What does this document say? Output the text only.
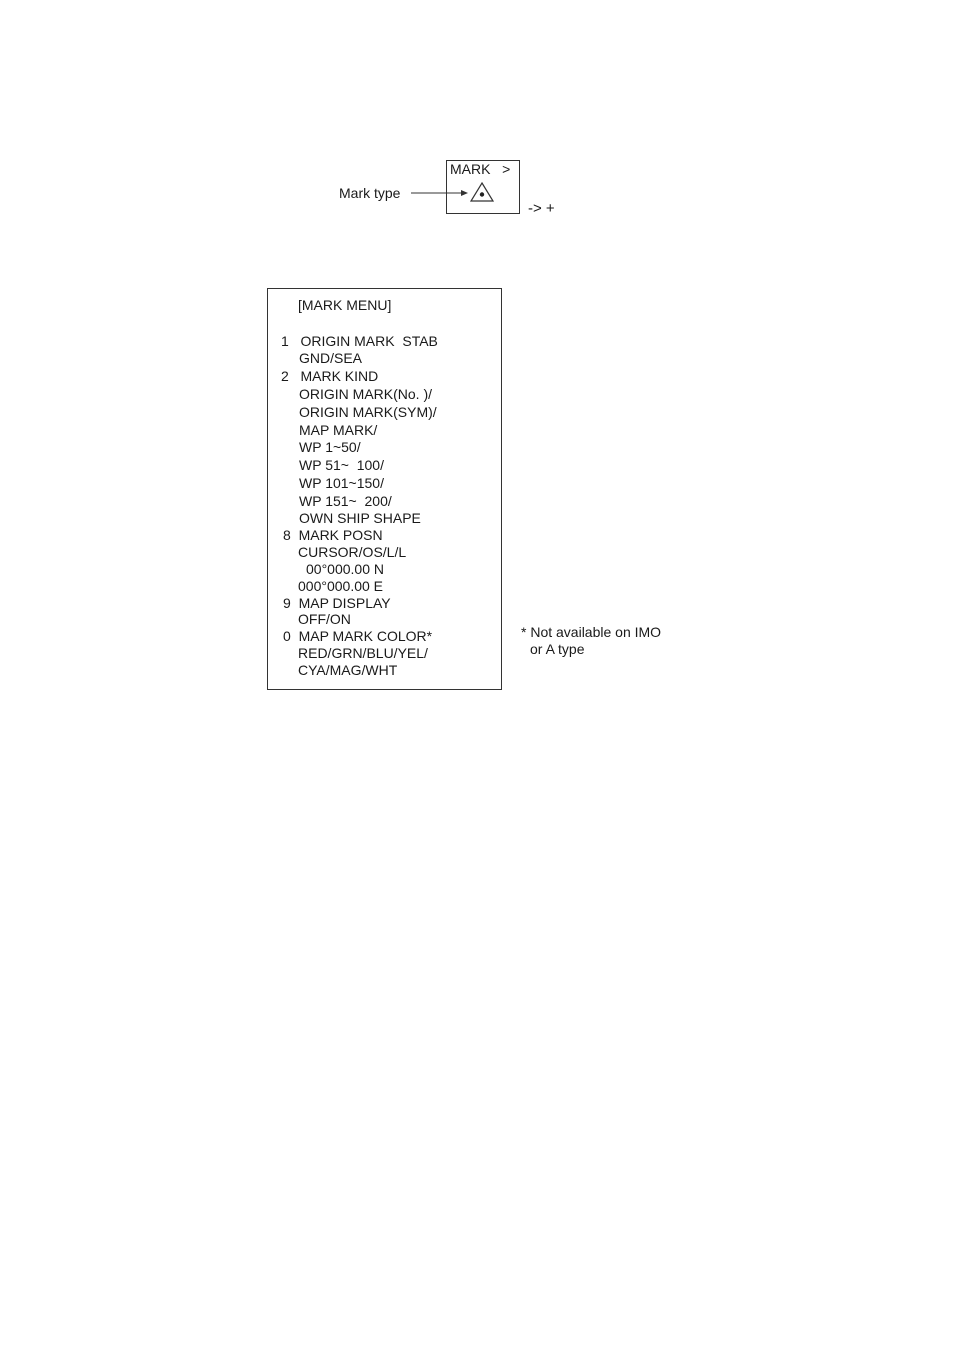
Mark type
MARK   >
-> +
[MARK MENU]
1   ORIGIN MARK  STAB
GND/SEA
2   MARK KIND
ORIGIN MARK(No. )/
ORIGIN MARK(SYM)/
MAP MARK/
WP 1~50/
WP 51~  100/
WP 101~150/
WP 151~  200/
OWN SHIP SHAPE
8  MARK POSN
CURSOR/OS/L/L
00°000.00 N
000°000.00 E
9  MAP DISPLAY
OFF/ON
0  MAP MARK COLOR*
RED/GRN/BLU/YEL/
CYA/MAG/WHT
* Not available on IMO
or A type
